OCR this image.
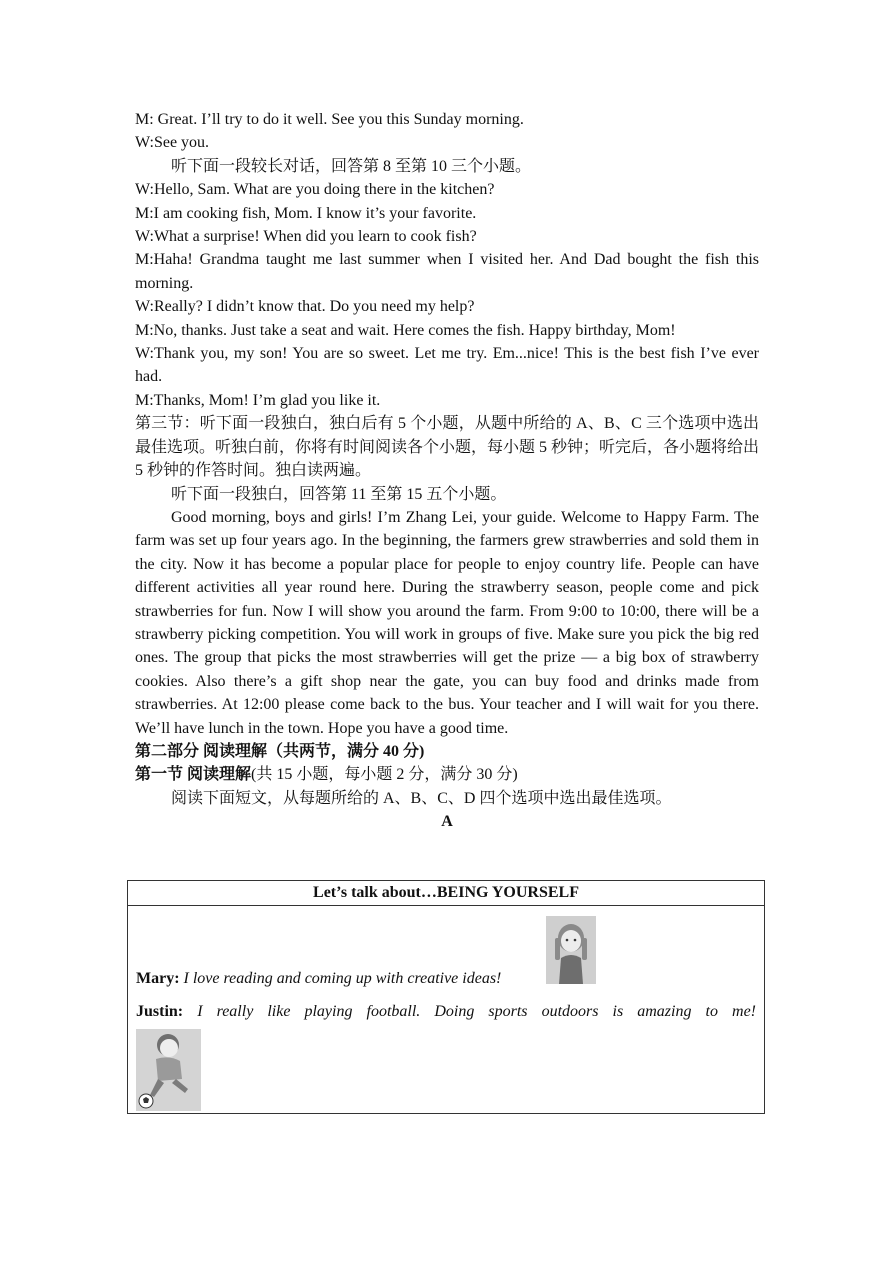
M: Great. I’ll try to do it well. See you this Sunday morning.
W:See you.
听下面一段较长对话，回答第 8 至第 10 三个小题。
W:Hello, Sam. What are you doing there in the kitchen?
M:I am cooking fish, Mom. I know it’s your favorite.
W:What a surprise! When did you learn to cook fish?
M:Haha! Grandma taught me last summer when I visited her. And Dad bought the fish this morning.
W:Really? I didn’t know that. Do you need my help?
M:No, thanks. Just take a seat and wait. Here comes the fish. Happy birthday, Mom!
W:Thank you, my son! You are so sweet. Let me try. Em...nice! This is the best fish I’ve ever had.
M:Thanks, Mom! I’m glad you like it.
第三节：听下面一段独白，独白后有 5 个小题，从题中所给的 A、B、C 三个选项中选出最佳选项。听独白前，你将有时间阅读各个小题，每小题 5 秒钟；听完后，各小题将给出 5 秒钟的作答时间。独白读两遍。
听下面一段独白，回答第 11 至第 15 五个小题。
Good morning, boys and girls! I’m Zhang Lei, your guide. Welcome to Happy Farm. The farm was set up four years ago. In the beginning, the farmers grew strawberries and sold them in the city. Now it has become a popular place for people to enjoy country life. People can have different activities all year round here. During the strawberry season, people come and pick strawberries for fun. Now I will show you around the farm. From 9:00 to 10:00, there will be a strawberry picking competition. You will work in groups of five. Make sure you pick the big red ones. The group that picks the most strawberries will get the prize — a big box of strawberry cookies. Also there’s a gift shop near the gate, you can buy food and drinks made from strawberries. At 12:00 please come back to the bus. Your teacher and I will wait for you there. We’ll have lunch in the town. Hope you have a good time.
第二部分 阅读理解（共两节，满分 40 分)
第一节 阅读理解(共 15 小题，每小题 2 分，满分 30 分)
阅读下面短文，从每题所给的 A、B、C、D 四个选项中选出最佳选项。
A
Let’s talk about…BEING YOURSELF
Mary: I love reading and coming up with creative ideas!
Justin: I really like playing football. Doing sports outdoors is amazing to me!
